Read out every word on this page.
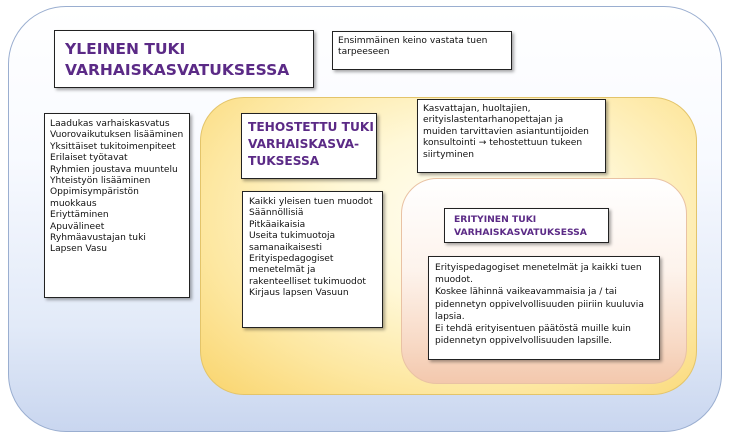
YLEINEN TUKI
VARHAISKASVATUKSESSA
Ensimmäinen keino vastata tuen tarpeeseen
Laadukas varhaiskasvatus
Vuorovaikutuksen lisääminen
Yksittäiset tukitoimenpiteet
Erilaiset työtavat
Ryhmien joustava muuntelu
Yhteistyön lisääminen
Oppimisympäristön muokkaus
Eriyttäminen
Apuvälineet
Ryhmäavustajan tuki
Lapsen Vasu
TEHOSTETTU TUKI
VARHAISKASVA-
TUKSESSA
Kasvattajan, huoltajien, erityislastentarhanopettajan ja muiden tarvittavien asiantuntijoiden konsultointi → tehostettuun tukeen siirtyminen
Kaikki yleisen tuen muodot
Säännöllisiä
Pitkäaikaisia
Useita tukimuotoja samanaikaisesti
Erityispedagogiset menetelmät ja rakenteelliset tukimuodot
Kirjaus lapsen Vasuun
ERITYINEN TUKI
VARHAISKASVATUKSESSA
Erityispedagogiset menetelmät ja kaikki tuen muodot.
Koskee lähinnä vaikeavammaisia ja / tai pidennetyn oppivelvollisuuden piiriin kuuluvia lapsia.
Ei tehdä erityisentuen päätöstä muille kuin pidennetyn oppivelvollisuuden lapsille.
